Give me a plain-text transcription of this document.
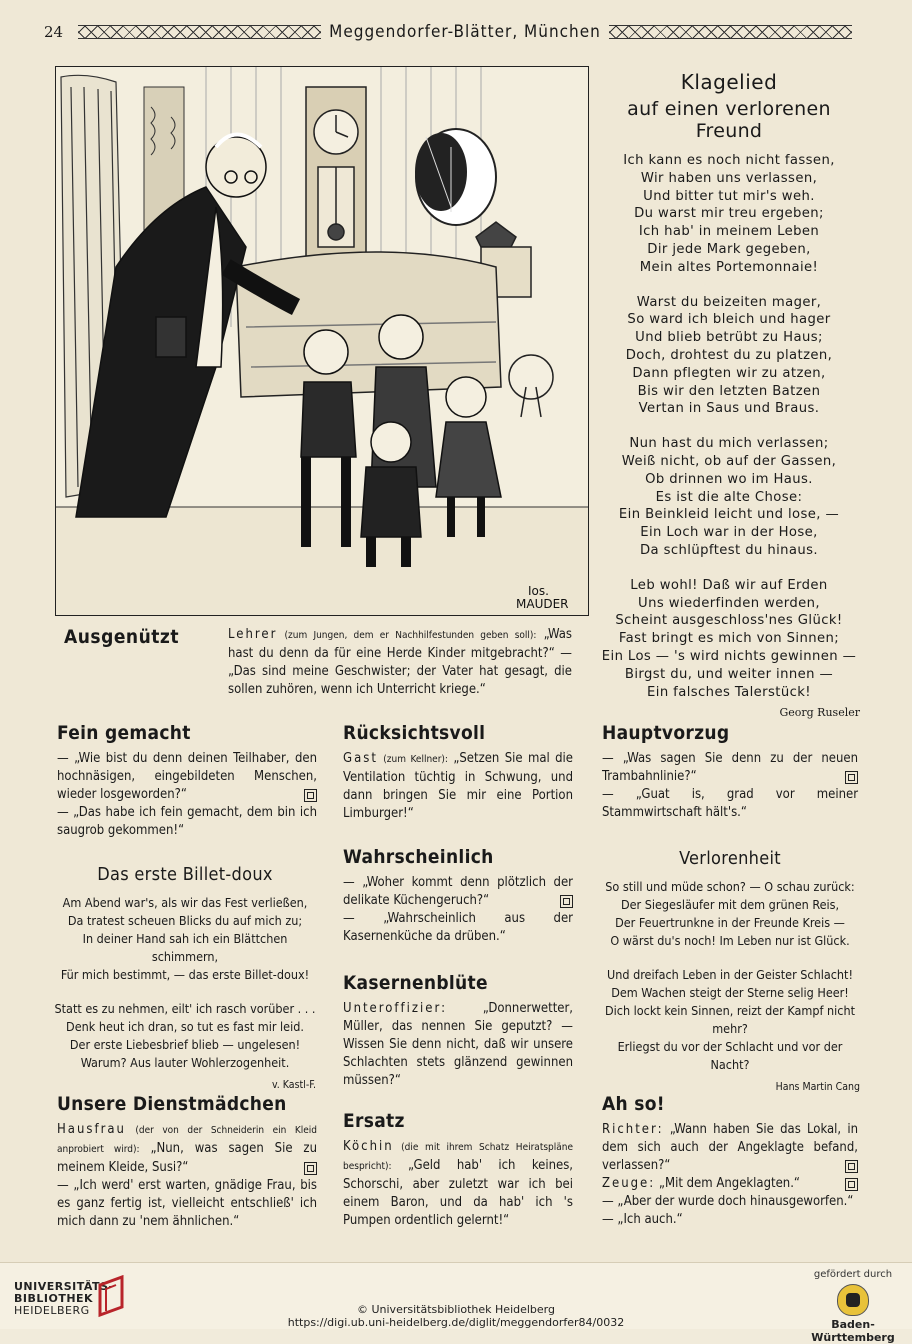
24	Meggendorfer-Blätter, München
Ios.
MAUDER
Klagelied
auf einen verlorenen Freund
Ich kann es noch nicht fassen,
Wir haben uns verlassen,
Und bitter tut mir's weh.
Du warst mir treu ergeben;
Ich hab' in meinem Leben
Dir jede Mark gegeben,
Mein altes Portemonnaie!
Warst du beizeiten mager,
So ward ich bleich und hager
Und blieb betrübt zu Haus;
Doch, drohtest du zu platzen,
Dann pflegten wir zu atzen,
Bis wir den letzten Batzen
Vertan in Saus und Braus.
Nun hast du mich verlassen;
Weiß nicht, ob auf der Gassen,
Ob drinnen wo im Haus.
Es ist die alte Chose:
Ein Beinkleid leicht und lose, —
Ein Loch war in der Hose,
Da schlüpftest du hinaus.
Leb wohl! Daß wir auf Erden
Uns wiederfinden werden,
Scheint ausgeschloss'nes Glück!
Fast bringt es mich von Sinnen;
Ein Los — 's wird nichts gewinnen —
Birgst du, und weiter innen —
Ein falsches Talerstück!
Georg Ruseler
Ausgenützt	Lehrer (zum Jungen, dem er Nachhilfestunden geben soll): „Was hast du denn da für eine Herde Kinder mitgebracht?“ — „Das sind meine Geschwister; der Vater hat gesagt, die sollen zuhören, wenn ich Unterricht kriege.“
Fein gemacht

— „Wie bist du denn deinen Teilhaber, den hochnäsigen, eingebildeten Menschen, wieder losgeworden?“

— „Das habe ich fein gemacht, dem bin ich saugrob gekommen!“

Das erste Billet-doux
Am Abend war's, als wir das Fest verließen,
Da tratest scheuen Blicks du auf mich zu;
In deiner Hand sah ich ein Blättchen schimmern,
Für mich bestimmt, — das erste Billet-doux!
Statt es zu nehmen, eilt' ich rasch vorüber . . .
Denk heut ich dran, so tut es fast mir leid.
Der erste Liebesbrief blieb — ungelesen!
Warum? Aus lauter Wohlerzogenheit.
v. Kastl-F.
Unsere Dienstmädchen

Hausfrau (der von der Schneiderin ein Kleid anprobiert wird): „Nun, was sagen Sie zu meinem Kleide, Susi?“

— „Ich werd' erst warten, gnädige Frau, bis es ganz fertig ist, vielleicht entschließ' ich mich dann zu 'nem ähnlichen.“

Rücksichtsvoll

Gast (zum Kellner): „Setzen Sie mal die Ventilation tüchtig in Schwung, und dann bringen Sie mir eine Portion Limburger!“

Wahrscheinlich

— „Woher kommt denn plötzlich der delikate Küchengeruch?“

— „Wahrscheinlich aus der Kasernenküche da drüben.“

Kasernenblüte

Unteroffizier:	„Donnerwetter, Müller, das nennen Sie geputzt? — Wissen Sie denn nicht, daß wir unsere Schlachten stets glänzend gewinnen müssen?“

Ersatz

Köchin (die mit ihrem Schatz Heiratspläne bespricht): „Geld hab' ich keines, Schorschi, aber zuletzt war ich bei einem Baron, und da hab' ich 's Pumpen ordentlich gelernt!“

Hauptvorzug

— „Was sagen Sie denn zu der neuen Trambahnlinie?“

— „Guat is, grad vor meiner Stammwirtschaft hält's.“

Verlorenheit
So still und müde schon? — O schau zurück:
Der Siegesläufer mit dem grünen Reis,
Der Feuertrunkne in der Freunde Kreis —
O wärst du's noch! Im Leben nur ist Glück.
Und dreifach Leben in der Geister Schlacht!
Dem Wachen steigt der Sterne selig Heer!
Dich lockt kein Sinnen, reizt der Kampf nicht mehr?
Erliegst du vor der Schlacht und vor der Nacht?
Hans Martin Cang
Ah so!

Richter: „Wann haben Sie das Lokal, in dem sich auch der Angeklagte befand, verlassen?“

Zeuge: „Mit dem Angeklagten.“

— „Aber der wurde doch hinausgeworfen.“

— „Ich auch.“

UNIVERSITÄTS-
BIBLIOTHEK
HEIDELBERG	© Universitätsbibliothek Heidelberg
https://digi.ub.uni-heidelberg.de/diglit/meggendorfer84/0032
gefördert durch
Baden-Württemberg
